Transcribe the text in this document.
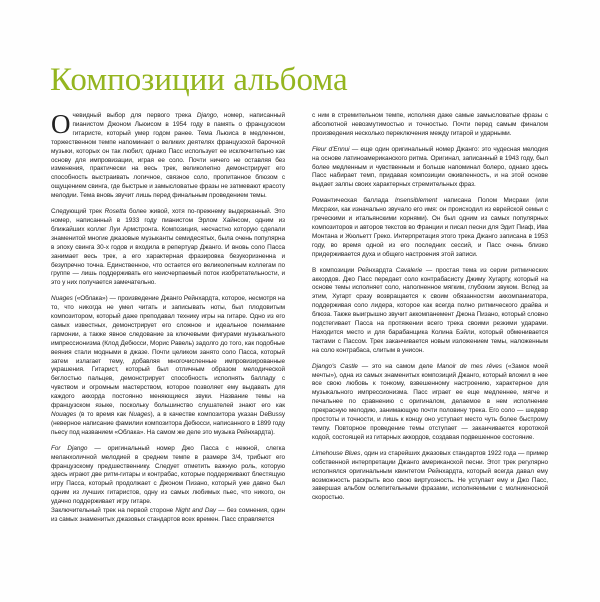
Композиции альбома

Очевидный выбор для первого трека Django, номер, написанный пианистом Джоном Льюисом в 1954 году в память о французском гитаристе, который умер годом ранее. Тема Льюиса в медленном, торжественном темпе напоминает о великих деятелях французской барочной музыки, которых он так любил; однако Пасс использует ее исключительно как основу для импровизации, играя ее соло. Почти ничего не оставляя без изменения, практически на весь трек, великолепно демонстрирует его способность выстраивать логичное, связное соло, пропитанное блюзом с ощущением свинга, где быстрые и замысловатые фразы не затмевают красоту мелодии. Тема вновь звучит лишь перед финальным проведением темы.

Следующий трек Rosetta более живой, хотя по-прежнему выдержанный. Это номер, написанный в 1933 году пианистом Эрлом Хайнсом, одним из ближайших коллег Луи Армстронга. Композиция, несчастно которую сделали знаменитой многие джазовые музыканты семидесятых, была очень популярна в эпоху свинга 30-х годов и входила в репертуар Джанго. И вновь соло Пасса занимает весь трек, а его характерная фразировка безукоризненна и безупречно точна. Единственное, что остается его великолепным коллегам по группе — лишь поддерживать его неисчерпаемый поток изобретательности, и это у них получается замечательно.

Nuages («Облака») — произведение Джанго Рейнхардта, которое, несмотря на то, что никогда не умел читать и записывать ноты, был плодовитым композитором, который даже преподавал технику игры на гитаре. Одно из его самых известных, демонстрирует его сложное и идеальное понимание гармонии, а также явное следование за ключевыми фигурами музыкального импрессионизма (Клод Дебюсси, Морис Равель) задолго до того, как подобные веяния стали модными в джазе. Почти целиком занято соло Пасса, который затем излагает тему, добавляя многочисленные импровизированные украшения. Гитарист, который был отличным образом мелодической беглостью пальцев, демонстрирует способность исполнять балладу с чувством и огромным мастерством, которое позволяет ему выдавать для каждого аккорда постоянно меняющиеся звуки. Название темы на французском языке, поскольку большинство слушателей знают его как Nouages (в то время как Nuages), а в качестве композитора указан DeBussy (неверное написание фамилии композитора Дебюсси, написанного в 1899 году пьесу под названием «Облака». На самом же деле это музыка Рейнхардта).

For Django — оригинальный номер Джо Пасса с нежной, слегка меланхоличной мелодией в среднем темпе в размере 3/4, трибьют его французскому предшественнику. Следует отметить важную роль, которую здесь играют две ритм-гитары и контрабас, которые поддерживают блестящую игру Пасса, который продолжает с Джоном Пизано, который уже давно был одним из лучших гитаристов, одну из самых любимых пьес, что никого, он удачно поддерживает игру гитаре.
Заключительный трек на первой стороне Night and Day — без сомнения, один из самых знаменитых джазовых стандартов всех времен. Пасс справляется

с ним в стремительном темпе, исполняя даже самые замысловатые фразы с абсолютной невозмутимостью и точностью. Почти перед самым финалом произведения несколько переключения между гитарой и ударными.

Fleur d'Ennui — еще один оригинальный номер Джанго: это чудесная мелодия на основе латиноамериканского ритма. Оригинал, записанный в 1943 году, был более медленным и чувственным и больше напоминал болеро, однако здесь Пасс набирает темп, придавая композиции оживленность, и на этой основе выдает залпы своих характерных стремительных фраз.

Романтическая баллада Insensiblement написана Полом Мисраки (или Мисрахи, как изначально звучало его имя: он происходил из еврейской семьи с греческими и итальянскими корнями). Он был одним из самых популярных композиторов и авторов текстов во Франции и писал песни для Эдит Пиаф, Ива Монтана и Жюльетт Греко. Интерпретация этого трека Джанго записана в 1953 году, во время одной из его последних сессий, и Пасс очень близко придерживается духа и общего настроения этой записи.

В композиции Рейнхардта Cavalerie — простая тема из серии ритмических аккордов. Джо Пасс передает соло контрабасисту Джиму Хугарту, который на основе темы исполняет соло, наполненное мягким, глубоким звуком. Вслед за этим, Хугарт сразу возвращается к своим обязанностям аккомпаниатора, поддерживая соло лидера, которое как всегда полно ритмического драйва и блюза. Также выигрышно звучит аккомпанемент Джона Пизано, который словно подстегивает Пасса на протяжении всего трека своими резкими ударами. Находится место и для барабанщика Колина Бэйли, который обменивается тактами с Пассом. Трек заканчивается новым изложением темы, наложенным на соло контрабаса, слитым в унисон.

Django's Castle — это на самом деле Manoir de mes rêves («Замок моей мечты»), одна из самых знаменитых композиций Джанго, который вложил в нее все свою любовь к тонкому, взвешенному настроению, характерное для музыкального импрессионизма. Пасс играет ее еще медленнее, мягче и печальнее по сравнению с оригиналом, делаемое в нем исполнение прекрасную мелодию, занимающую почти половину трека. Его соло — шедевр простоты и точности, и лишь к концу оно уступает место чуть более быстрому темпу. Повторное проведение темы отступает — заканчивается коротокой кодой, состоящей из гитарных аккордов, создавая подвешенное состояние.

Limehouse Blues, один из старейших джазовых стандартов 1922 года — пример собственной интерпретации Джанго американской песни. Этот трек регулярно исполнялся оригинальным квинтетом Рейнхардта, который всегда давал ему возможность раскрыть всю свою виртуозность. Не уступает ему и Джо Пасс, завершая альбом ослепительными фразами, исполняемыми с молниеносной скоростью.
